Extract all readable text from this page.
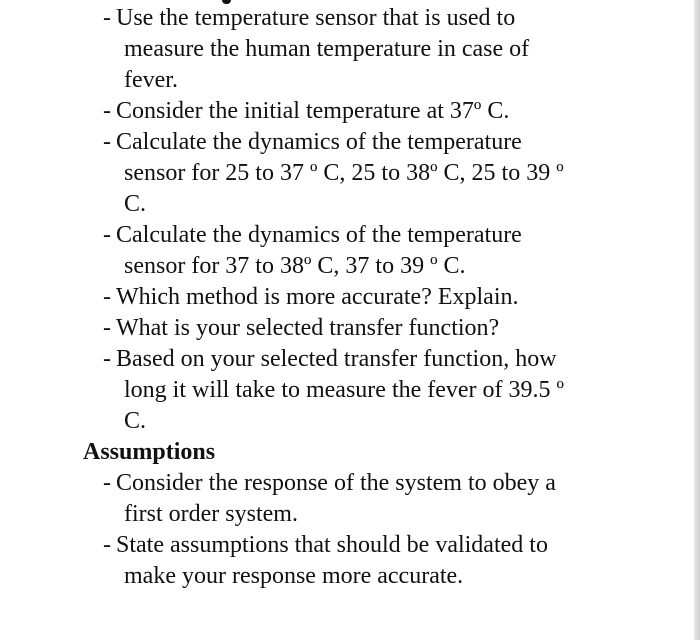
- Use the temperature sensor that is used to
measure the human temperature in case of
fever.
- Consider the initial temperature at 37º C.
- Calculate the dynamics of the temperature
sensor for 25 to 37 º C, 25 to 38º C, 25 to 39 º
C.
- Calculate the dynamics of the temperature
sensor for 37 to 38º C, 37 to 39 º C.
- Which method is more accurate? Explain.
- What is your selected transfer function?
- Based on your selected transfer function, how
long it will take to measure the fever of 39.5 º
C.
Assumptions
- Consider the response of the system to obey a
first order system.
- State assumptions that should be validated to
make your response more accurate.
